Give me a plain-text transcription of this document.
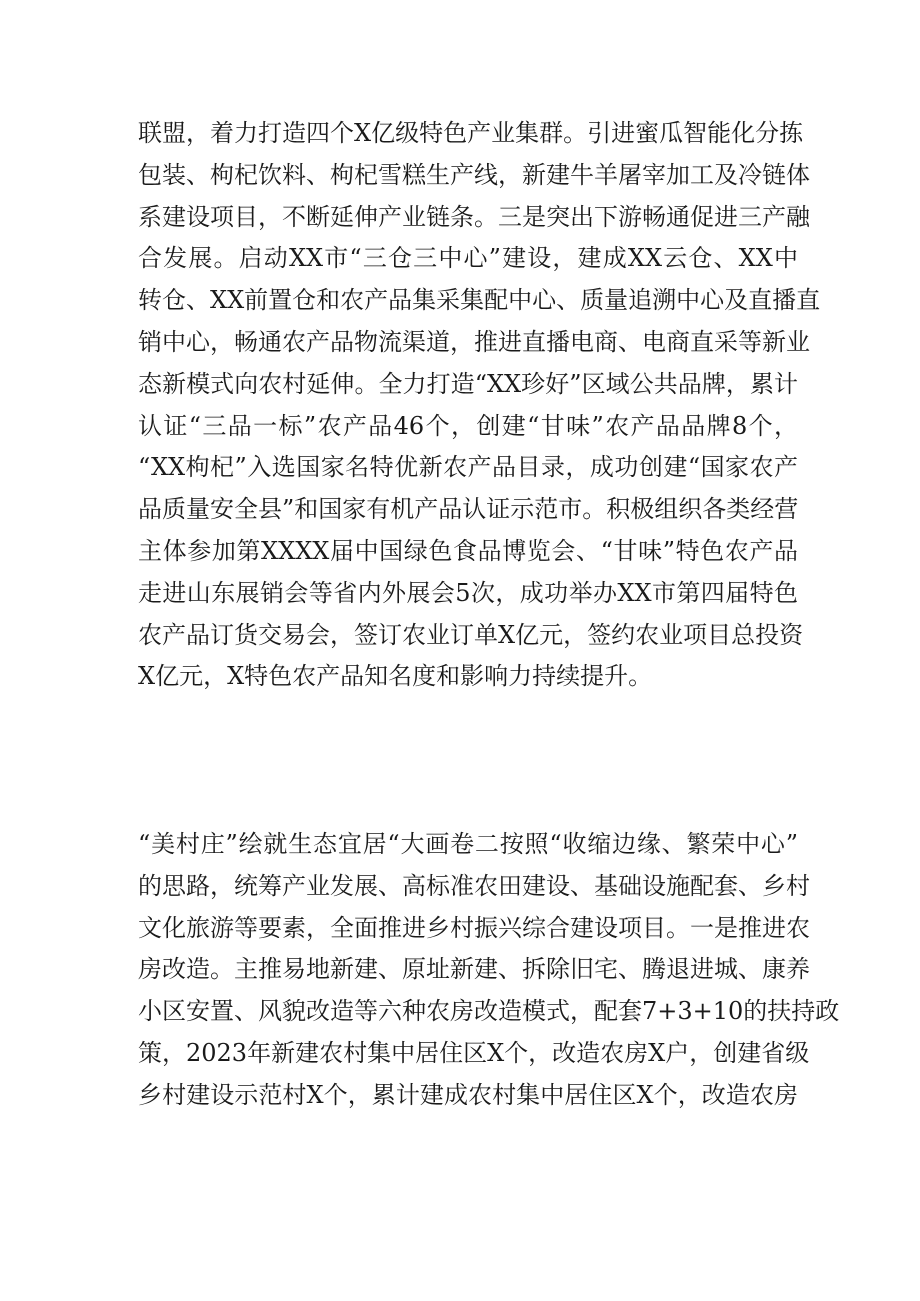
联盟，着力打造四个X亿级特色产业集群。引进蜜瓜智能化分拣
包装、枸杞饮料、枸杞雪糕生产线，新建牛羊屠宰加工及冷链体
系建设项目，不断延伸产业链条。三是突出下游畅通促进三产融
合发展。启动XX市“三仓三中心”建设，建成XX云仓、XX中
转仓、XX前置仓和农产品集采集配中心、质量追溯中心及直播直
销中心，畅通农产品物流渠道，推进直播电商、电商直采等新业
态新模式向农村延伸。全力打造“XX珍好”区域公共品牌，累计
认证“三品一标”农产品46个，创建“甘味”农产品品牌8个，
“XX枸杞”入选国家名特优新农产品目录，成功创建“国家农产
品质量安全县”和国家有机产品认证示范市。积极组织各类经营
主体参加第XXXX届中国绿色食品博览会、“甘味”特色农产品
走进山东展销会等省内外展会5次，成功举办XX市第四届特色
农产品订货交易会，签订农业订单X亿元，签约农业项目总投资
X亿元，X特色农产品知名度和影响力持续提升。
“美村庄”绘就生态宜居“大画卷二按照“收缩边缘、繁荣中心”
的思路，统筹产业发展、高标准农田建设、基础设施配套、乡村
文化旅游等要素，全面推进乡村振兴综合建设项目。一是推进农
房改造。主推易地新建、原址新建、拆除旧宅、腾退进城、康养
小区安置、风貌改造等六种农房改造模式，配套7+3+10的扶持政
策，2023年新建农村集中居住区X个，改造农房X户，创建省级
乡村建设示范村X个，累计建成农村集中居住区X个，改造农房
